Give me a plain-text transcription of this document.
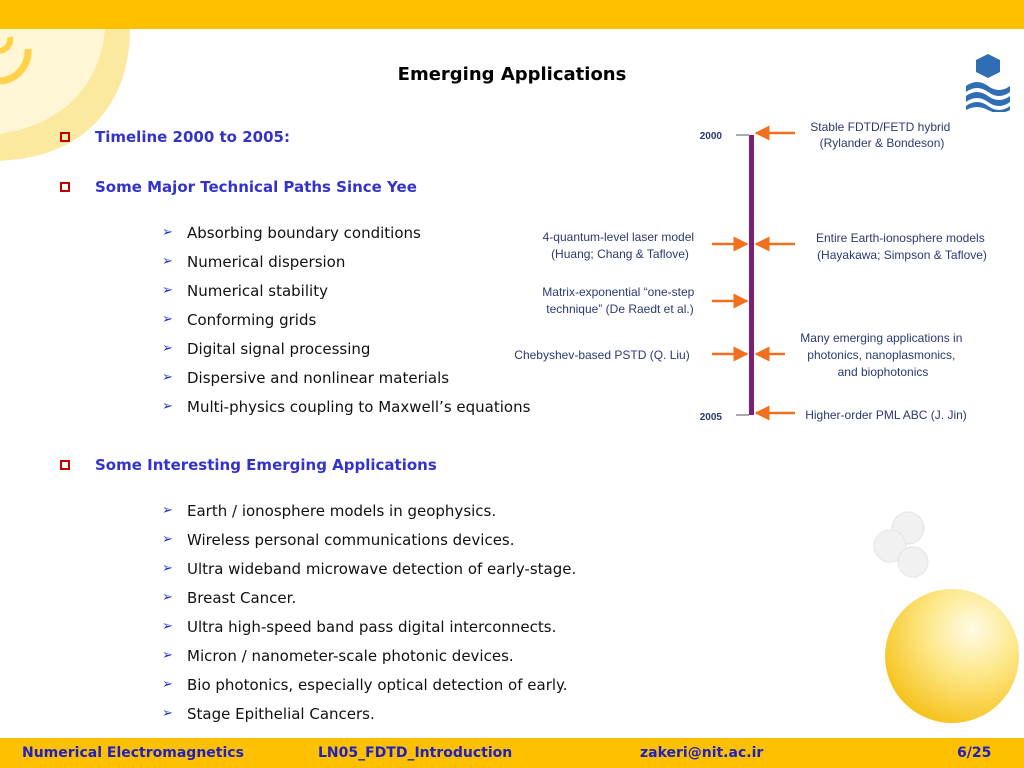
Emerging Applications
Timeline 2000 to 2005:
Some Major Technical Paths Since Yee
➢ Absorbing boundary conditions
➢ Numerical dispersion
➢ Numerical stability
➢ Conforming grids
➢ Digital signal processing
➢ Dispersive and nonlinear materials
➢ Multi-physics coupling to Maxwell’s equations
Some Interesting Emerging Applications
➢ Earth / ionosphere models in geophysics.
➢ Wireless personal communications devices.
➢ Ultra wideband microwave detection of early-stage.
➢ Breast Cancer.
➢ Ultra high-speed band pass digital interconnects.
➢ Micron / nanometer-scale photonic devices.
➢ Bio photonics, especially optical detection of early.
➢ Stage Epithelial Cancers.
2000
2005
Stable FDTD/FETD hybrid (Rylander & Bondeson)
Entire Earth-ionosphere models (Hayakawa; Simpson & Taflove)
Many emerging applications in photonics, nanoplasmonics, and biophotonics
Higher-order PML ABC (J. Jin)
4-quantum-level laser model (Huang; Chang & Taflove)
Matrix-exponential “one-step technique” (De Raedt et al.)
Chebyshev-based PSTD (Q. Liu)
Numerical Electromagnetics	LN05_FDTD_Introduction	zakeri@nit.ac.ir	6/25
